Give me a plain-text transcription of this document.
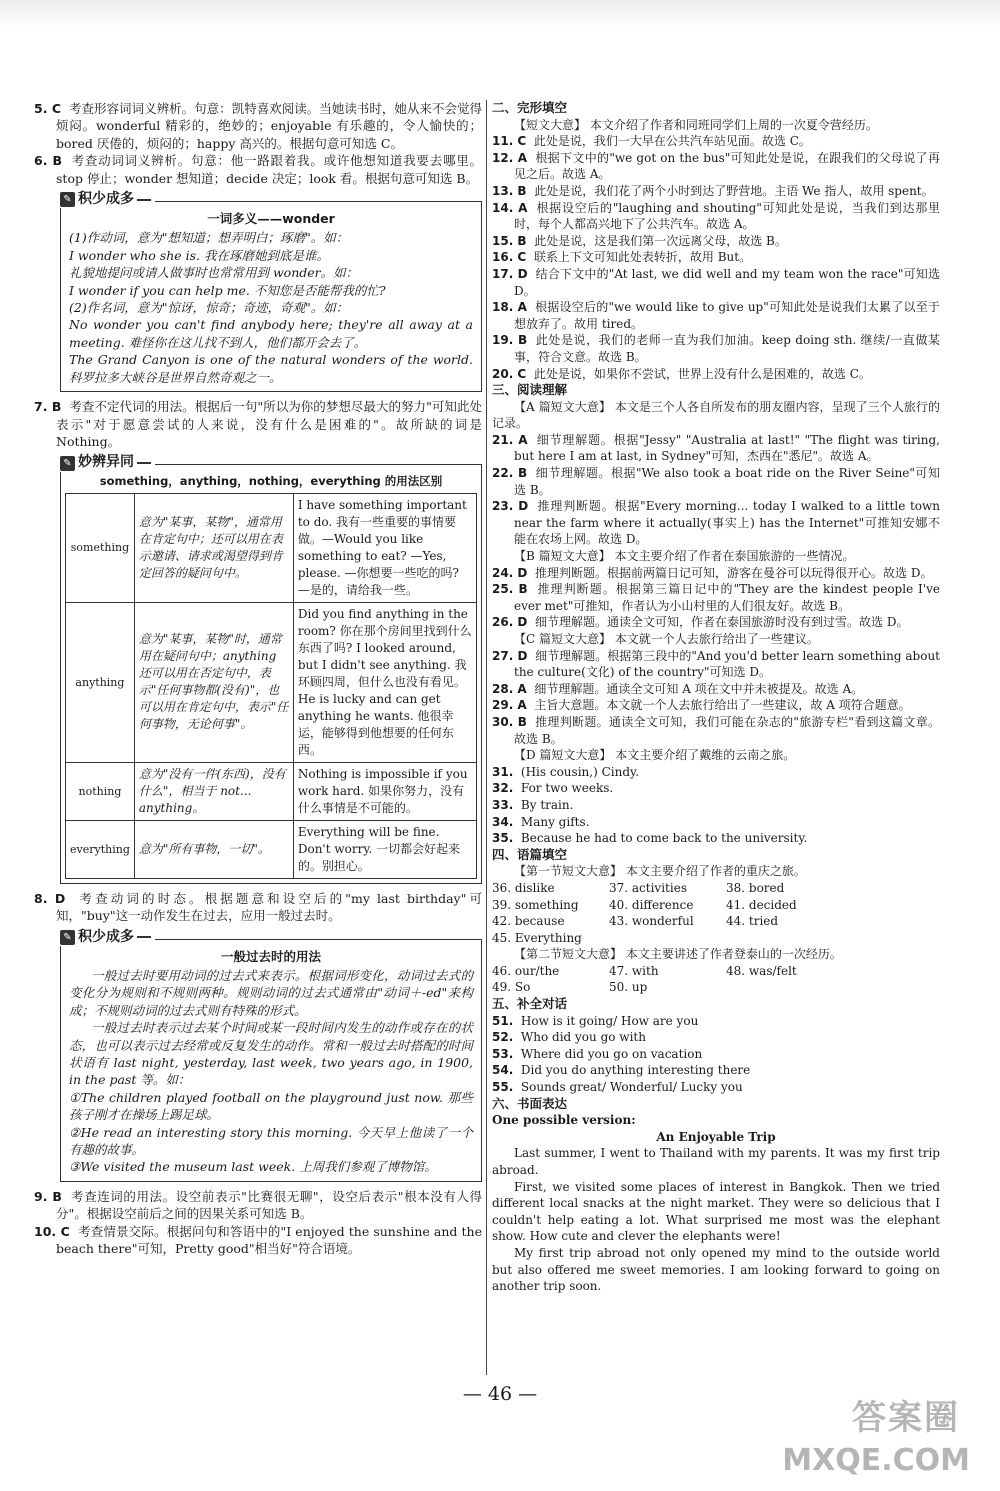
5. C 考查形容词词义辨析。句意：凯特喜欢阅读。当她读书时，她从来不会觉得烦闷。wonderful 精彩的，绝妙的；enjoyable 有乐趣的，令人愉快的；bored 厌倦的，烦闷的；happy 高兴的。根据句意可知选 C。

6. B 考查动词词义辨析。句意：他一路跟着我。或许他想知道我要去哪里。stop 停止；wonder 想知道；decide 决定；look 看。根据句意可知选 B。

✎ 积少成多
一词多义——wonder
(1)作动词，意为"想知道；想弄明白；琢磨"。如：
I wonder who she is. 我在琢磨她到底是谁。
礼貌地提问或请人做事时也常常用到 wonder。如：
I wonder if you can help me. 不知您是否能帮我的忙?
(2)作名词，意为"惊讶，惊奇；奇迹，奇观"。如：
No wonder you can't find anybody here; they're all away at a meeting. 难怪你在这儿找不到人，他们都开会去了。
The Grand Canyon is one of the natural wonders of the world. 科罗拉多大峡谷是世界自然奇观之一。

7. B 考查不定代词的用法。根据后一句"所以为你的梦想尽最大的努力"可知此处表示"对于愿意尝试的人来说，没有什么是困难的"。故所缺的词是 Nothing。

✎ 妙辨异同
something，anything，nothing，everything 的用法区别
something	意为"某事，某物"，通常用在肯定句中；还可以用在表示邀请、请求或渴望得到肯定回答的疑问句中。	I have something important to do. 我有一些重要的事情要做。—Would you like something to eat? —Yes, please. —你想要一些吃的吗? —是的，请给我一些。
anything	意为"某事，某物"时，通常用在疑问句中；anything 还可以用在否定句中，表示"任何事物都(没有)"，也可以用在肯定句中，表示"任何事物，无论何事"。	Did you find anything in the room? 你在那个房间里找到什么东西了吗? I looked around, but I didn't see anything. 我环顾四周，但什么也没有看见。He is lucky and can get anything he wants. 他很幸运，能够得到他想要的任何东西。
nothing	意为"没有一件(东西)，没有什么"，相当于 not... anything。	Nothing is impossible if you work hard. 如果你努力，没有什么事情是不可能的。
everything	意为"所有事物，一切"。	Everything will be fine. Don't worry. 一切都会好起来的。别担心。

8. D 考查动词的时态。根据题意和设空后的"my last birthday"可知，"buy"这一动作发生在过去，应用一般过去时。

✎ 积少成多
一般过去时的用法
一般过去时要用动词的过去式来表示。根据词形变化，动词过去式的变化分为规则和不规则两种。规则动词的过去式通常由"动词＋-ed"来构成；不规则动词的过去式则有特殊的形式。
一般过去时表示过去某个时间或某一段时间内发生的动作或存在的状态，也可以表示过去经常或反复发生的动作。常和一般过去时搭配的时间状语有 last night, yesterday, last week, two years ago, in 1900, in the past 等。如：
①The children played football on the playground just now. 那些孩子刚才在操场上踢足球。
②He read an interesting story this morning. 今天早上他读了一个有趣的故事。
③We visited the museum last week. 上周我们参观了博物馆。

9. B 考查连词的用法。设空前表示"比赛很无聊"，设空后表示"根本没有人得分"。根据设空前后之间的因果关系可知选 B。

10. C 考查情景交际。根据问句和答语中的"I enjoyed the sunshine and the beach there"可知，Pretty good"相当好"符合语境。

二、完形填空

【短文大意】 本文介绍了作者和同班同学们上周的一次夏令营经历。

11. C 此处是说，我们一大早在公共汽车站见面。故选 C。

12. A 根据下文中的"we got on the bus"可知此处是说，在跟我们的父母说了再见之后。故选 A。

13. B 此处是说，我们花了两个小时到达了野营地。主语 We 指人，故用 spent。

14. A 根据设空后的"laughing and shouting"可知此处是说，当我们到达那里时，每个人都高兴地下了公共汽车。故选 A。

15. B 此处是说，这是我们第一次远离父母，故选 B。

16. C 联系上下文可知此处表转折，故用 But。

17. D 结合下文中的"At last, we did well and my team won the race"可知选 D。

18. A 根据设空后的"we would like to give up"可知此处是说我们太累了以至于想放弃了。故用 tired。

19. B 此处是说，我们的老师一直为我们加油。keep doing sth. 继续/一直做某事，符合文意。故选 B。

20. C 此处是说，如果你不尝试，世界上没有什么是困难的，故选 C。

三、阅读理解

【A 篇短文大意】 本文是三个人各自所发布的朋友圈内容，呈现了三个人旅行的记录。

21. A 细节理解题。根据"Jessy" "Australia at last!" "The flight was tiring, but here I am at last, in Sydney"可知，杰西在"悉尼"。故选 A。

22. B 细节理解题。根据"We also took a boat ride on the River Seine"可知选 B。

23. D 推理判断题。根据"Every morning... today I walked to a little town near the farm where it actually(事实上) has the Internet"可推知安娜不能在农场上网。故选 D。

【B 篇短文大意】 本文主要介绍了作者在泰国旅游的一些情况。

24. D 推理判断题。根据前两篇日记可知，游客在曼谷可以玩得很开心。故选 D。

25. B 推理判断题。根据第三篇日记中的"They are the kindest people I've ever met"可推知，作者认为小山村里的人们很友好。故选 B。

26. D 细节理解题。通读全文可知，作者在泰国旅游时没有到过雪。故选 D。

【C 篇短文大意】 本文就一个人去旅行给出了一些建议。

27. D 细节理解题。根据第三段中的"And you'd better learn something about the culture(文化) of the country"可知选 D。

28. A 细节理解题。通读全文可知 A 项在文中并未被提及。故选 A。

29. A 主旨大意题。本文就一个人去旅行给出了一些建议，故 A 项符合题意。

30. B 推理判断题。通读全文可知，我们可能在杂志的"旅游专栏"看到这篇文章。故选 B。

【D 篇短文大意】 本文主要介绍了戴维的云南之旅。

31. (His cousin,) Cindy.

32. For two weeks.

33. By train.

34. Many gifts.

35. Because he had to come back to the university.

四、语篇填空

【第一节短文大意】 本文主要介绍了作者的重庆之旅。

36. dislike	37. activities	38. bored
39. something	40. difference	41. decided
42. because	43. wonderful	44. tried
45. Everything

【第二节短文大意】 本文主要讲述了作者登泰山的一次经历。

46. our/the	47. with	48. was/felt
49. So	50. up

五、补全对话

51. How is it going/ How are you

52. Who did you go with

53. Where did you go on vacation

54. Did you do anything interesting there

55. Sounds great/ Wonderful/ Lucky you

六、书面表达

One possible version:

An Enjoyable Trip

Last summer, I went to Thailand with my parents. It was my first trip abroad.

First, we visited some places of interest in Bangkok. Then we tried different local snacks at the night market. They were so delicious that I couldn't help eating a lot. What surprised me most was the elephant show. How cute and clever the elephants were!

My first trip abroad not only opened my mind to the outside world but also offered me sweet memories. I am looking forward to going on another trip soon.

— 46 —
答案圈
MXQE.COM
